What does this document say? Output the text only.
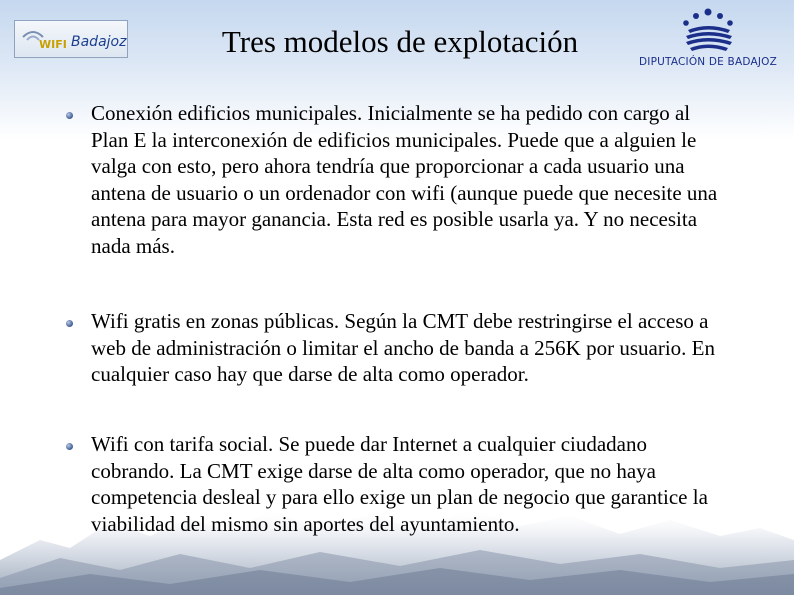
WIFI Badajoz	Tres modelos de explotación
DIPUTACIÓN DE BADAJOZ
Conexión edificios municipales. Inicialmente se ha pedido con cargo al Plan E la interconexión de edificios municipales. Puede que a alguien le valga con esto, pero ahora tendría que proporcionar a cada usuario una antena de usuario o un ordenador con wifi (aunque puede que necesite una antena para mayor ganancia. Esta red es posible usarla ya. Y no necesita nada más.
Wifi gratis en zonas públicas. Según la CMT debe restringirse el acceso a web de administración o limitar el ancho de banda a 256K por usuario. En cualquier caso hay que darse de alta como operador.
Wifi con tarifa social. Se puede dar Internet a cualquier ciudadano cobrando. La CMT exige darse de alta como operador, que no haya competencia desleal y para ello exige un plan de negocio que garantice la viabilidad del mismo sin aportes del ayuntamiento.
